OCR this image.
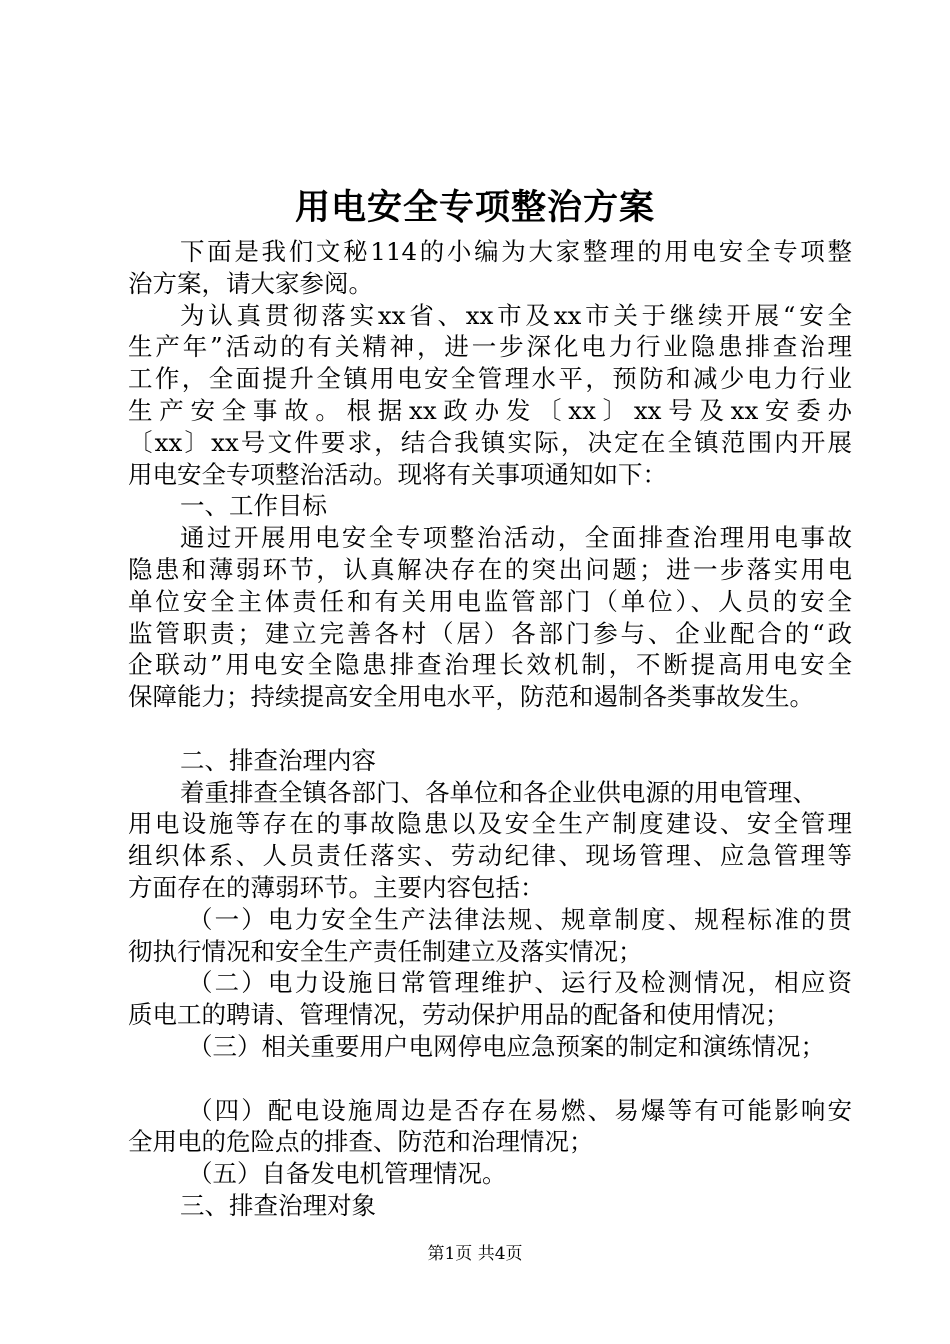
用电安全专项整治方案
下面是我们文秘114的小编为大家整理的用电安全专项整
治方案，请大家参阅。
为认真贯彻落实xx省、xx市及xx市关于继续开展“安全
生产年”活动的有关精神，进一步深化电力行业隐患排查治理
工作，全面提升全镇用电安全管理水平，预防和减少电力行业
生产安全事故。根据xx政办发〔xx〕xx号及xx安委办
〔xx〕xx号文件要求，结合我镇实际，决定在全镇范围内开展
用电安全专项整治活动。现将有关事项通知如下：
一、工作目标
通过开展用电安全专项整治活动，全面排查治理用电事故
隐患和薄弱环节，认真解决存在的突出问题；进一步落实用电
单位安全主体责任和有关用电监管部门（单位）、人员的安全
监管职责；建立完善各村（居）各部门参与、企业配合的“政
企联动”用电安全隐患排查治理长效机制，不断提高用电安全
保障能力；持续提高安全用电水平，防范和遏制各类事故发生。
二、排查治理内容
着重排查全镇各部门、各单位和各企业供电源的用电管理、
用电设施等存在的事故隐患以及安全生产制度建设、安全管理
组织体系、人员责任落实、劳动纪律、现场管理、应急管理等
方面存在的薄弱环节。主要内容包括：
（一）电力安全生产法律法规、规章制度、规程标准的贯
彻执行情况和安全生产责任制建立及落实情况；
（二）电力设施日常管理维护、运行及检测情况，相应资
质电工的聘请、管理情况，劳动保护用品的配备和使用情况；
（三）相关重要用户电网停电应急预案的制定和演练情况；
（四）配电设施周边是否存在易燃、易爆等有可能影响安
全用电的危险点的排查、防范和治理情况；
（五）自备发电机管理情况。
三、排查治理对象
第1页 共4页
